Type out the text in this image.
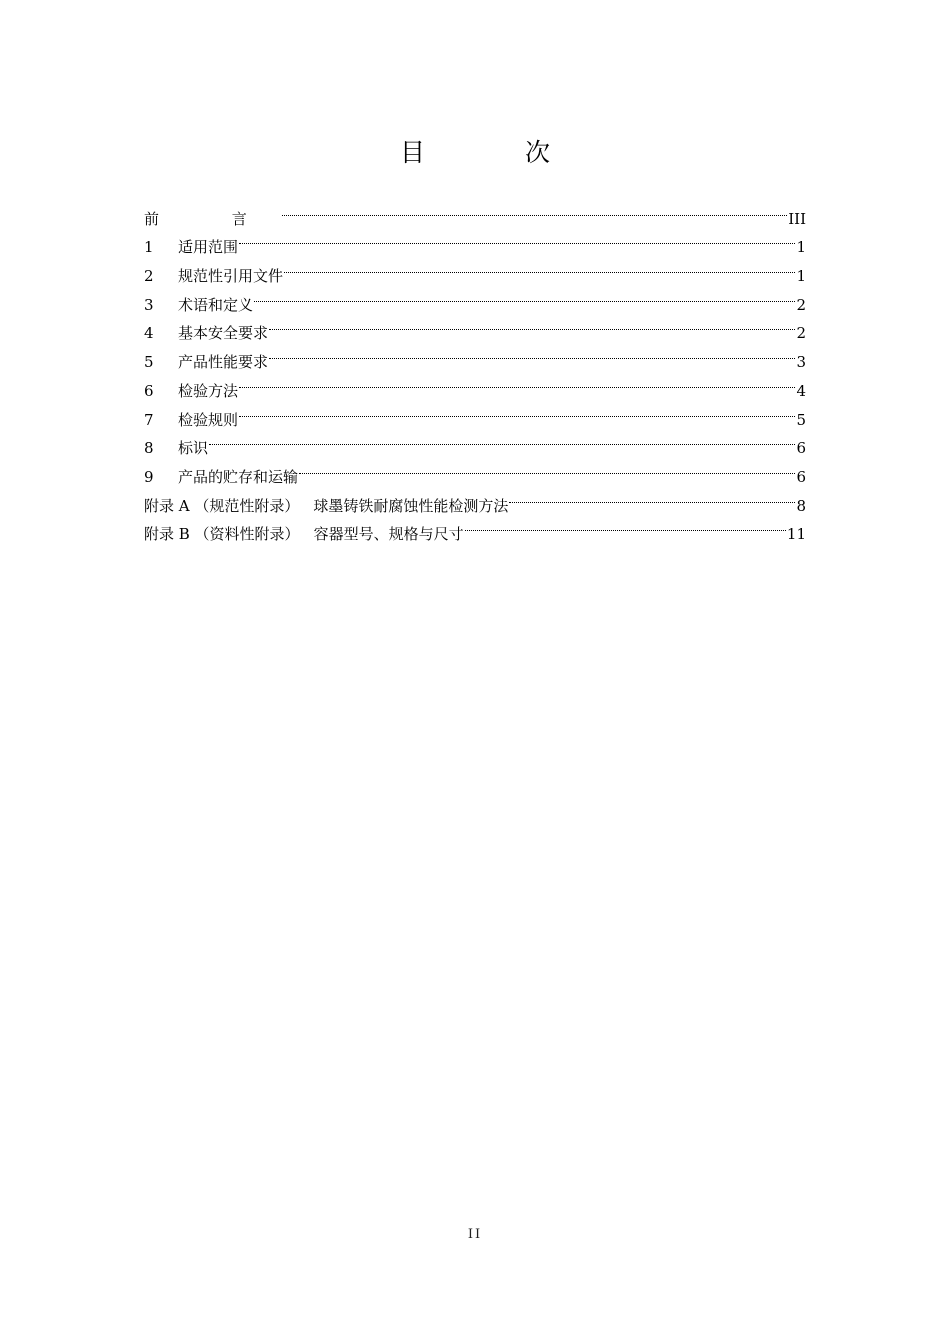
目 次
前 言	III
1	适用范围	1
2	规范性引用文件	1
3	术语和定义	2
4	基本安全要求	2
5	产品性能要求	3
6	检验方法	4
7	检验规则	5
8	标识	6
9	产品的贮存和运输	6
附录 A （规范性附录） 球墨铸铁耐腐蚀性能检测方法	8
附录 B （资料性附录） 容器型号、规格与尺寸	11
II
